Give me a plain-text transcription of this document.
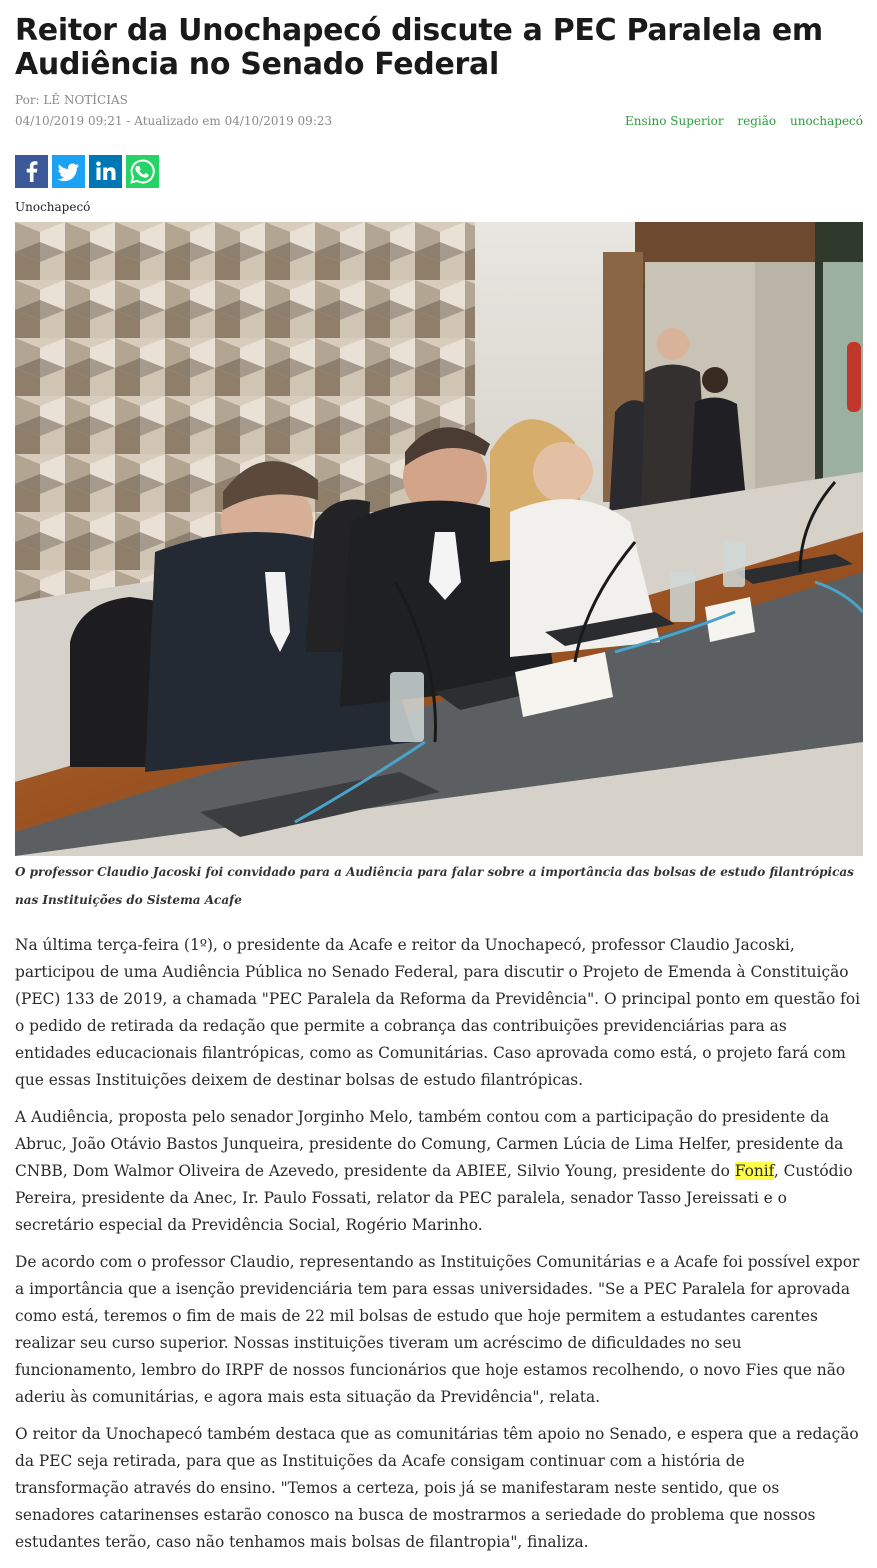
Reitor da Unochapecó discute a PEC Paralela em Audiência no Senado Federal
Por: LÊ NOTÍCIAS
04/10/2019 09:21 - Atualizado em 04/10/2019 09:23	Ensino Superior região unochapecó
Unochapecó
O professor Claudio Jacoski foi convidado para a Audiência para falar sobre a importância das bolsas de estudo filantrópicas nas Instituições do Sistema Acafe

Na última terça-feira (1º), o presidente da Acafe e reitor da Unochapecó, professor Claudio Jacoski, participou de uma Audiência Pública no Senado Federal, para discutir o Projeto de Emenda à Constituição (PEC) 133 de 2019, a chamada "PEC Paralela da Reforma da Previdência". O principal ponto em questão foi o pedido de retirada da redação que permite a cobrança das contribuições previdenciárias para as entidades educacionais filantrópicas, como as Comunitárias. Caso aprovada como está, o projeto fará com que essas Instituições deixem de destinar bolsas de estudo filantrópicas.

A Audiência, proposta pelo senador Jorginho Melo, também contou com a participação do presidente da Abruc, João Otávio Bastos Junqueira, presidente do Comung, Carmen Lúcia de Lima Helfer, presidente da CNBB, Dom Walmor Oliveira de Azevedo, presidente da ABIEE, Silvio Young, presidente do Fonif, Custódio Pereira, presidente da Anec, Ir. Paulo Fossati, relator da PEC paralela, senador Tasso Jereissati e o secretário especial da Previdência Social, Rogério Marinho.

De acordo com o professor Claudio, representando as Instituições Comunitárias e a Acafe foi possível expor a importância que a isenção previdenciária tem para essas universidades. "Se a PEC Paralela for aprovada como está, teremos o fim de mais de 22 mil bolsas de estudo que hoje permitem a estudantes carentes realizar seu curso superior. Nossas instituições tiveram um acréscimo de dificuldades no seu funcionamento, lembro do IRPF de nossos funcionários que hoje estamos recolhendo, o novo Fies que não aderiu às comunitárias, e agora mais esta situação da Previdência", relata.

O reitor da Unochapecó também destaca que as comunitárias têm apoio no Senado, e espera que a redação da PEC seja retirada, para que as Instituições da Acafe consigam continuar com a história de transformação através do ensino. "Temos a certeza, pois já se manifestaram neste sentido, que os senadores catarinenses estarão conosco na busca de mostrarmos a seriedade do problema que nossos estudantes terão, caso não tenhamos mais bolsas de filantropia", finaliza.
